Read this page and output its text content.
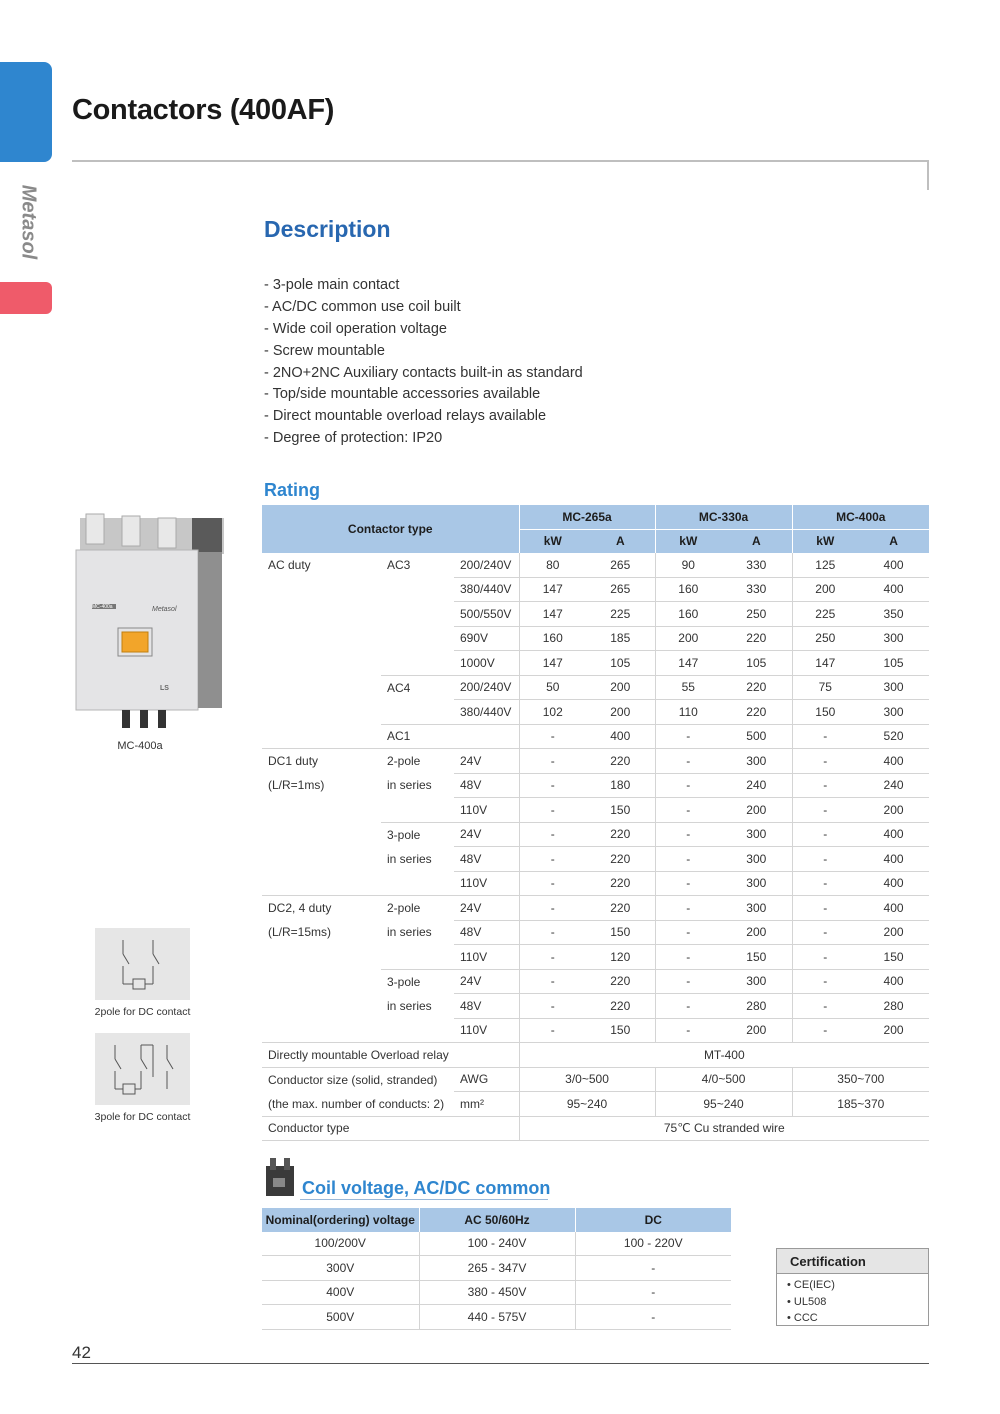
Metasol
Contactors (400AF)
Description
- 3-pole main contact
- AC/DC common use coil built
- Wide coil operation voltage
- Screw mountable
- 2NO+2NC Auxiliary contacts built-in as standard
- Top/side mountable accessories available
- Direct mountable overload relays available
- Degree of protection: IP20
MC-400a	Metasol
LS
MC-400a
2pole for DC contact
3pole for DC contact
Rating
Contactor type			MC-265a		MC-330a		MC-400a	
			kW	A	kW	A	kW	A
AC duty	AC3	200/240V	80	265	90	330	125	400
		380/440V	147	265	160	330	200	400
		500/550V	147	225	160	250	225	350
		690V	160	185	200	220	250	300
		1000V	147	105	147	105	147	105
	AC4	200/240V	50	200	55	220	75	300
		380/440V	102	200	110	220	150	300
	AC1		-	400	-	500	-	520
DC1 duty	2-pole	24V	-	220	-	300	-	400
(L/R=1ms)	in series	48V	-	180	-	240	-	240
		110V	-	150	-	200	-	200
	3-pole	24V	-	220	-	300	-	400
	in series	48V	-	220	-	300	-	400
		110V	-	220	-	300	-	400
DC2, 4 duty	2-pole	24V	-	220	-	300	-	400
(L/R=15ms)	in series	48V	-	150	-	200	-	200
		110V	-	120	-	150	-	150
	3-pole	24V	-	220	-	300	-	400
	in series	48V	-	220	-	280	-	280
		110V	-	150	-	200	-	200
Directly mountable Overload relay			MT-400					
Conductor size (solid, stranded)		AWG	3/0~500		4/0~500		350~700	
(the max. number of conducts: 2)		mm²	95~240		95~240		185~370	
Conductor type			75℃ Cu stranded wire					
Coil voltage, AC/DC common
Nominal(ordering) voltage	AC 50/60Hz	DC
100/200V	100 - 240V	100 - 220V
300V	265 - 347V	-
400V	380 - 450V	-
500V	440 - 575V	-
Certification
• CE(IEC)
• UL508
• CCC
42
